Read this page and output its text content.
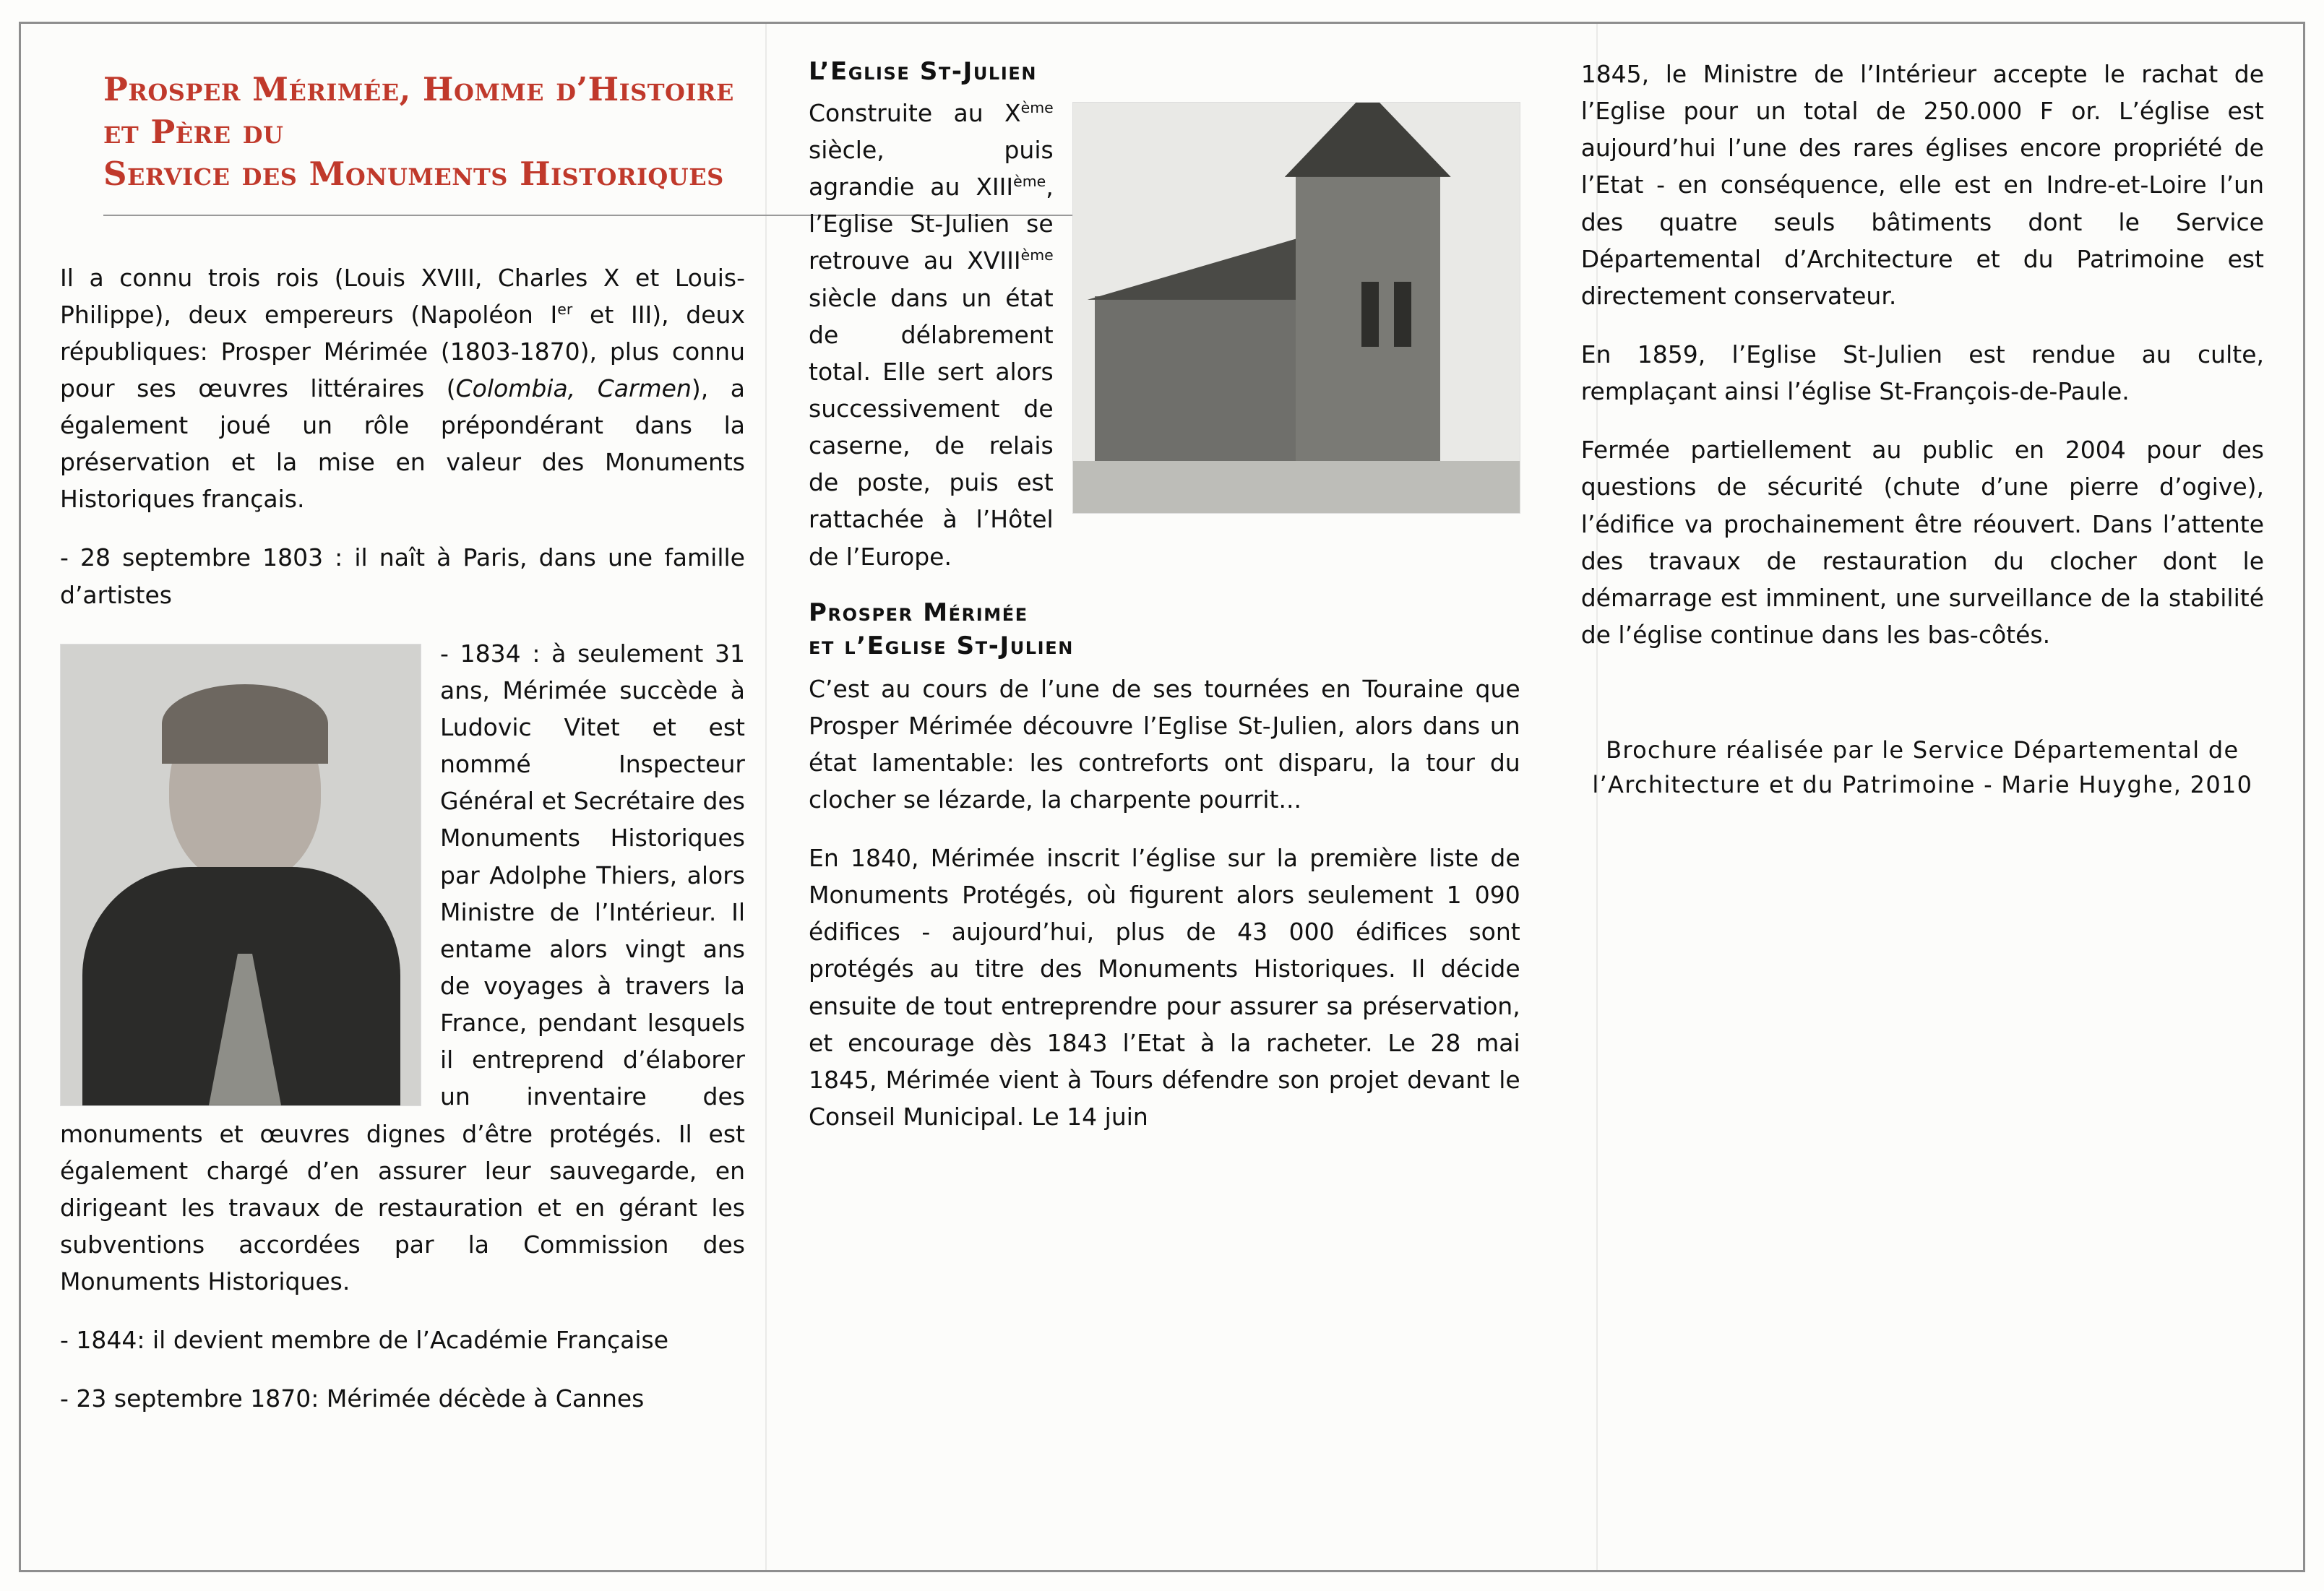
Prosper Mérimée, Homme d’Histoire et Père du
Service des Monuments Historiques

Il a connu trois rois (Louis XVIII, Charles X et Louis-Philippe), deux empereurs (Napoléon Ier et III), deux républiques: Prosper Mérimée (1803-1870), plus connu pour ses œuvres littéraires (Colombia, Carmen), a également joué un rôle prépondérant dans la préservation et la mise en valeur des Monuments Historiques français.

- 28 septembre 1803 : il naît à Paris, dans une famille d’artistes

- 1834 : à seulement 31 ans, Mérimée succède à Ludovic Vitet et est nommé Inspecteur Général et Secrétaire des Monuments Historiques par Adolphe Thiers, alors Ministre de l’Intérieur. Il entame alors vingt ans de voyages à travers la France, pendant lesquels il entreprend d’élaborer un inventaire des monuments et œuvres dignes d’être protégés. Il est également chargé d’en assurer leur sauvegarde, en dirigeant les travaux de restauration et en gérant les subventions accordées par la Commission des Monuments Historiques.

- 1844: il devient membre de l’Académie Française

- 23 septembre 1870: Mérimée décède à Cannes

L’Eglise St-Julien

Construite au Xème siècle, puis agrandie au XIIIème, l’Eglise St-Julien se retrouve au XVIIIème siècle dans un état de délabrement total. Elle sert alors successivement de caserne, de relais de poste, puis est rattachée à l’Hôtel de l’Europe.

Prosper Mérimée
et l’Eglise St-Julien

C’est au cours de l’une de ses tournées en Touraine que Prosper Mérimée découvre l’Eglise St-Julien, alors dans un état lamentable: les contreforts ont disparu, la tour du clocher se lézarde, la charpente pourrit...

En 1840, Mérimée inscrit l’église sur la première liste de Monuments Protégés, où figurent alors seulement 1 090 édifices - aujourd’hui, plus de 43 000 édifices sont protégés au titre des Monuments Historiques. Il décide ensuite de tout entreprendre pour assurer sa préservation, et encourage dès 1843 l’Etat à la racheter. Le 28 mai 1845, Mérimée vient à Tours défendre son projet devant le Conseil Municipal. Le 14 juin

1845, le Ministre de l’Intérieur accepte le rachat de l’Eglise pour un total de 250.000 F or. L’église est aujourd’hui l’une des rares églises encore propriété de l’Etat - en conséquence, elle est en Indre-et-Loire l’un des quatre seuls bâtiments dont le Service Départemental d’Architecture et du Patrimoine est directement conservateur.

En 1859, l’Eglise St-Julien est rendue au culte, remplaçant ainsi l’église St-François-de-Paule.

Fermée partiellement au public en 2004 pour des questions de sécurité (chute d’une pierre d’ogive), l’édifice va prochainement être réouvert. Dans l’attente des travaux de restauration du clocher dont le démarrage est imminent, une surveillance de la stabilité de l’église continue dans les bas-côtés.

Brochure réalisée par le Service Départemental de l’Architecture et du Patrimoine - Marie Huyghe, 2010
